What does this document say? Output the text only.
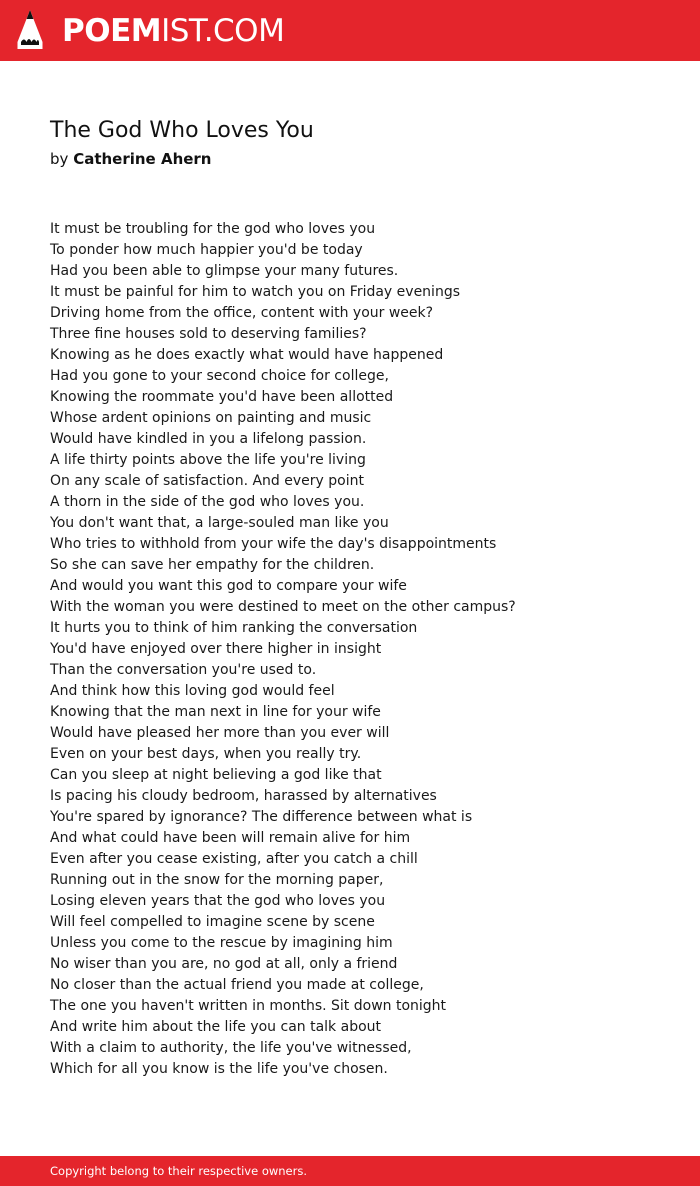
POEMIST.COM
The God Who Loves You
by Catherine Ahern
It must be troubling for the god who loves you
To ponder how much happier you'd be today
Had you been able to glimpse your many futures.
It must be painful for him to watch you on Friday evenings
Driving home from the office, content with your week?
Three fine houses sold to deserving families?
Knowing as he does exactly what would have happened
Had you gone to your second choice for college,
Knowing the roommate you'd have been allotted
Whose ardent opinions on painting and music
Would have kindled in you a lifelong passion.
A life thirty points above the life you're living
On any scale of satisfaction. And every point
A thorn in the side of the god who loves you.
You don't want that, a large-souled man like you
Who tries to withhold from your wife the day's disappointments
So she can save her empathy for the children.
And would you want this god to compare your wife
With the woman you were destined to meet on the other campus?
It hurts you to think of him ranking the conversation
You'd have enjoyed over there higher in insight
Than the conversation you're used to.
And think how this loving god would feel
Knowing that the man next in line for your wife
Would have pleased her more than you ever will
Even on your best days, when you really try.
Can you sleep at night believing a god like that
Is pacing his cloudy bedroom, harassed by alternatives
You're spared by ignorance? The difference between what is
And what could have been will remain alive for him
Even after you cease existing, after you catch a chill
Running out in the snow for the morning paper,
Losing eleven years that the god who loves you
Will feel compelled to imagine scene by scene
Unless you come to the rescue by imagining him
No wiser than you are, no god at all, only a friend
No closer than the actual friend you made at college,
The one you haven't written in months. Sit down tonight
And write him about the life you can talk about
With a claim to authority, the life you've witnessed,
Which for all you know is the life you've chosen.
Copyright belong to their respective owners.
